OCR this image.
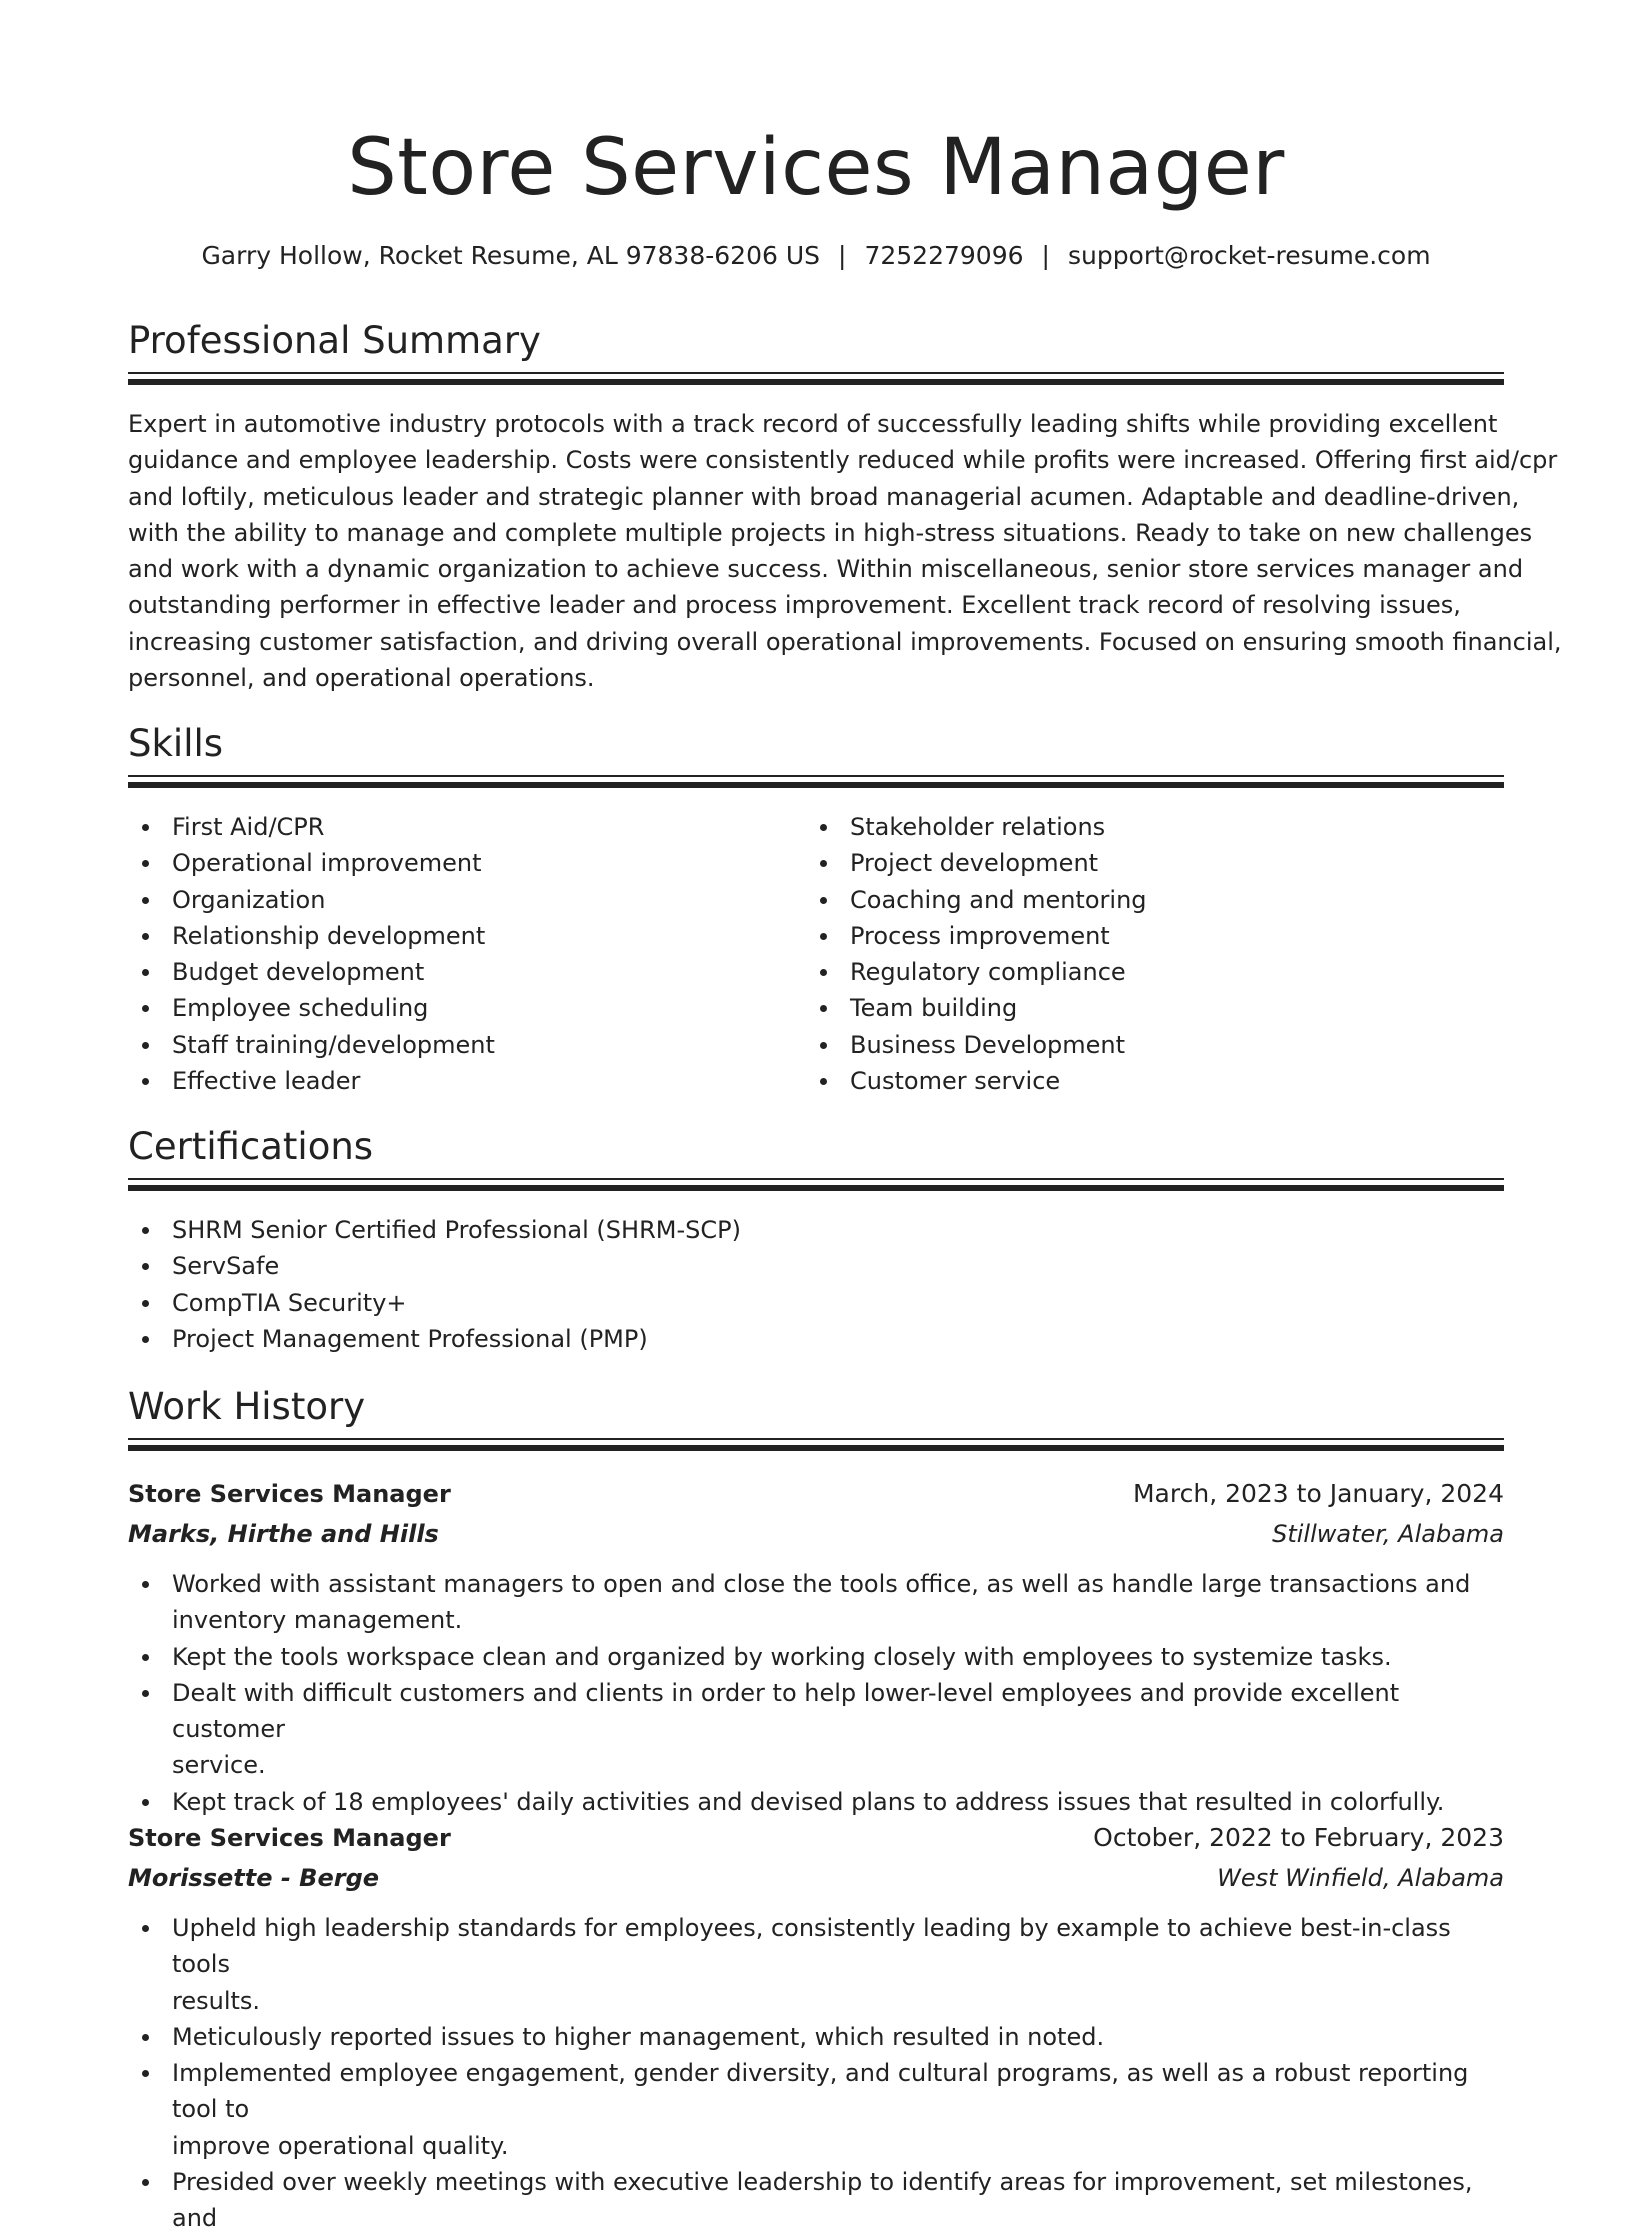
Store Services Manager
Garry Hollow, Rocket Resume, AL 97838-6206 US | 7252279096 | support@rocket-resume.com
Professional Summary
Expert in automotive industry protocols with a track record of successfully leading shifts while providing excellent
guidance and employee leadership. Costs were consistently reduced while profits were increased. Offering first aid/cpr
and loftily, meticulous leader and strategic planner with broad managerial acumen. Adaptable and deadline-driven,
with the ability to manage and complete multiple projects in high-stress situations. Ready to take on new challenges
and work with a dynamic organization to achieve success. Within miscellaneous, senior store services manager and
outstanding performer in effective leader and process improvement. Excellent track record of resolving issues,
increasing customer satisfaction, and driving overall operational improvements. Focused on ensuring smooth financial,
personnel, and operational operations.
Skills
First Aid/CPR
Operational improvement
Organization
Relationship development
Budget development
Employee scheduling
Staff training/development
Effective leader
Stakeholder relations
Project development
Coaching and mentoring
Process improvement
Regulatory compliance
Team building
Business Development
Customer service
Certifications
SHRM Senior Certified Professional (SHRM-SCP)
ServSafe
CompTIA Security+
Project Management Professional (PMP)
Work History
Store Services Manager	March, 2023 to January, 2024
Marks, Hirthe and Hills	Stillwater, Alabama
Worked with assistant managers to open and close the tools office, as well as handle large transactions and
inventory management.
Kept the tools workspace clean and organized by working closely with employees to systemize tasks.
Dealt with difficult customers and clients in order to help lower-level employees and provide excellent customer
service.
Kept track of 18 employees' daily activities and devised plans to address issues that resulted in colorfully.
Store Services Manager	October, 2022 to February, 2023
Morissette - Berge	West Winfield, Alabama
Upheld high leadership standards for employees, consistently leading by example to achieve best-in-class tools
results.
Meticulously reported issues to higher management, which resulted in noted.
Implemented employee engagement, gender diversity, and cultural programs, as well as a robust reporting tool to
improve operational quality.
Presided over weekly meetings with executive leadership to identify areas for improvement, set milestones, and
